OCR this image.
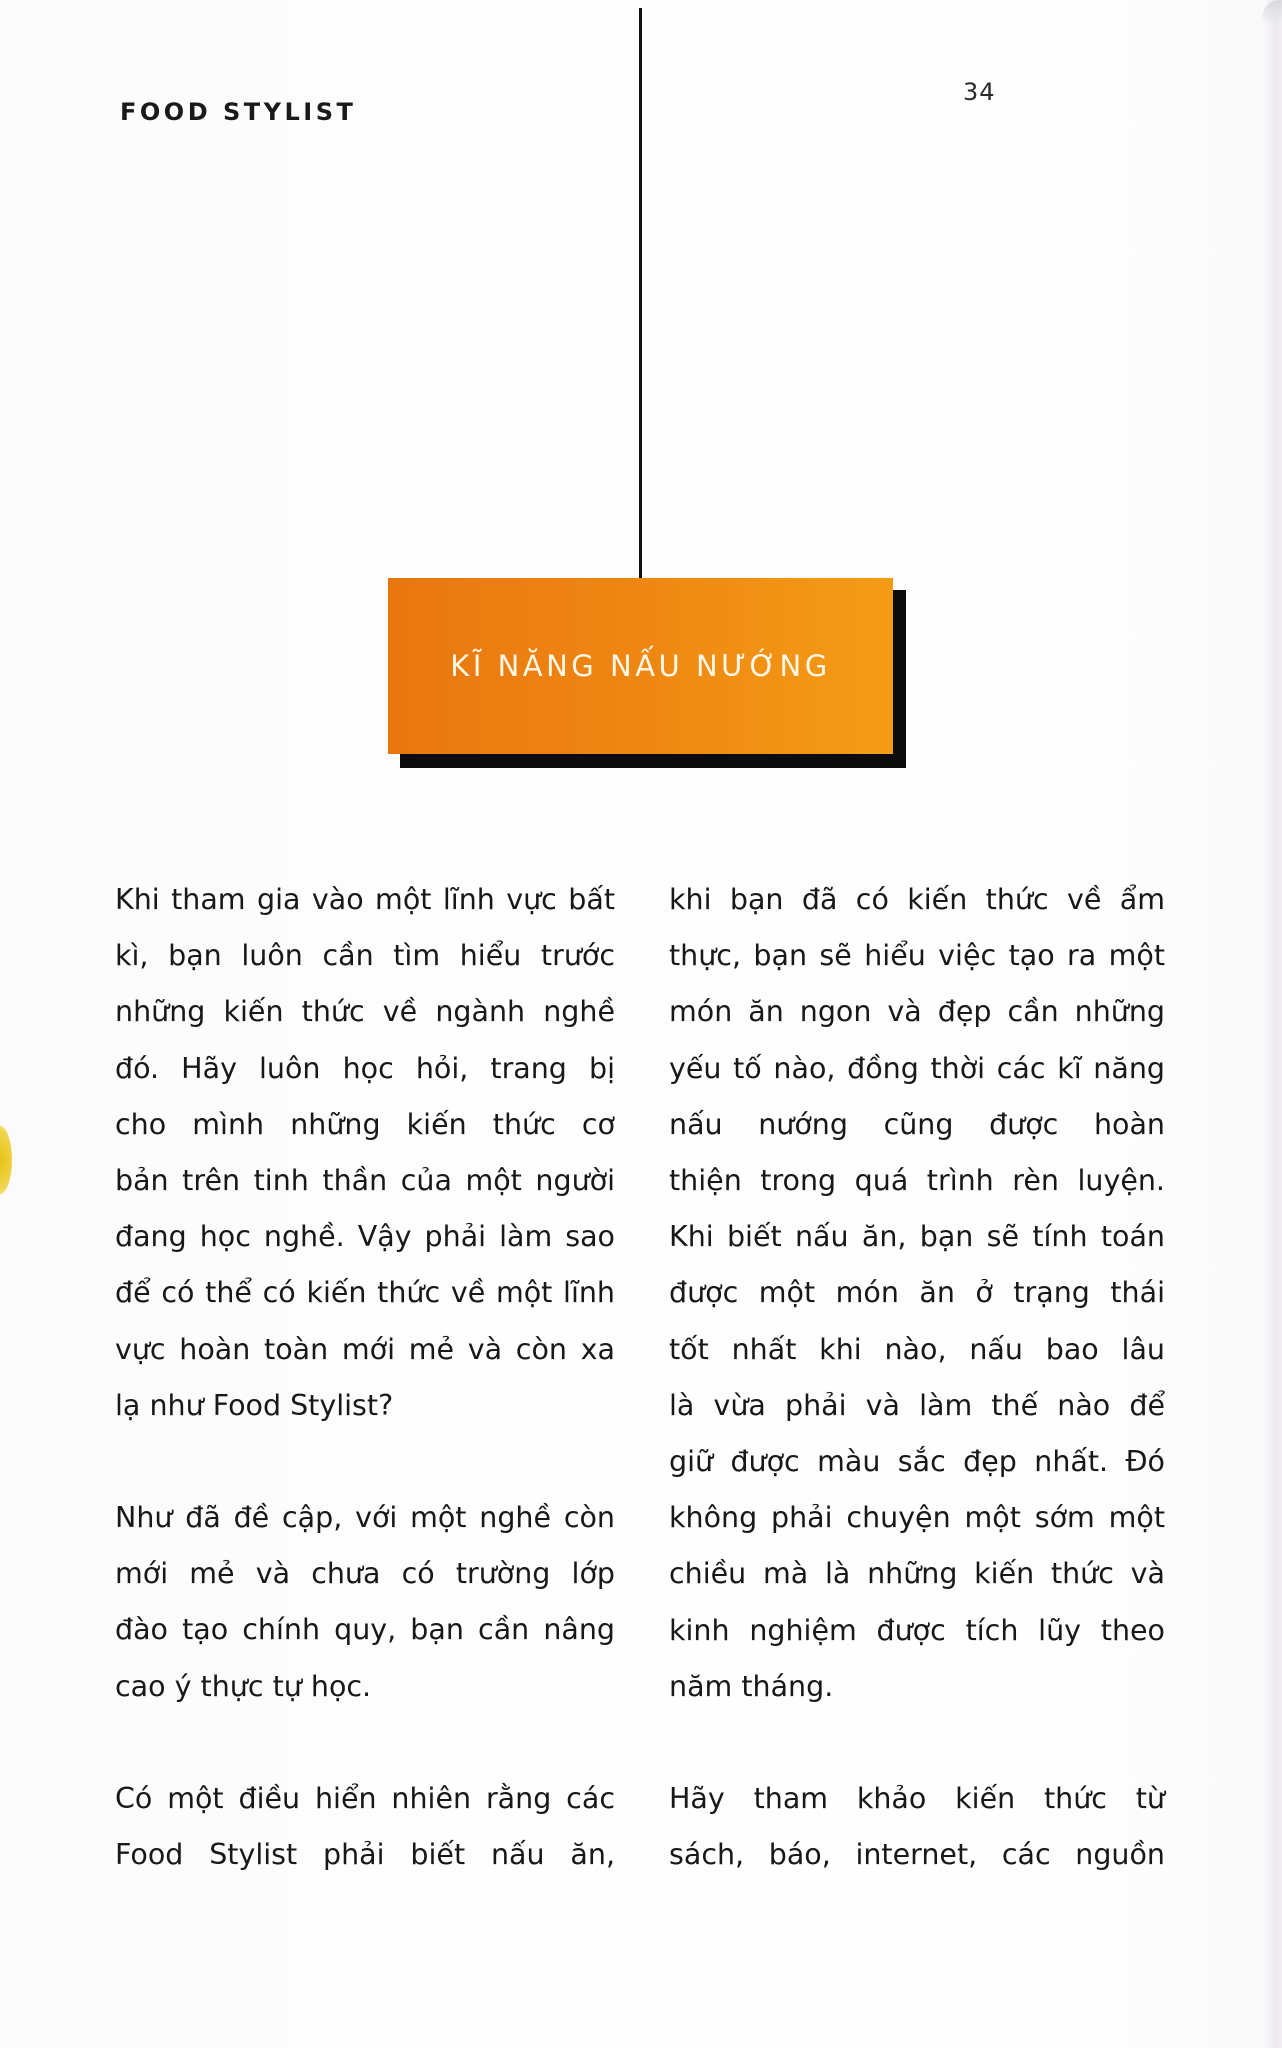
FOOD STYLIST
34
KĨ NĂNG NẤU NƯỚNG

Khi tham gia vào một lĩnh vực bất
kì, bạn luôn cần tìm hiểu trước
những kiến thức về ngành nghề
đó. Hãy luôn học hỏi, trang bị
cho mình những kiến thức cơ
bản trên tinh thần của một người
đang học nghề. Vậy phải làm sao
để có thể có kiến thức về một lĩnh
vực hoàn toàn mới mẻ và còn xa
lạ như Food Stylist?

Như đã đề cập, với một nghề còn
mới mẻ và chưa có trường lớp
đào tạo chính quy, bạn cần nâng
cao ý thực tự học.

Có một điều hiển nhiên rằng các
Food Stylist phải biết nấu ăn,

khi bạn đã có kiến thức về ẩm
thực, bạn sẽ hiểu việc tạo ra một
món ăn ngon và đẹp cần những
yếu tố nào, đồng thời các kĩ năng
nấu nướng cũng được hoàn
thiện trong quá trình rèn luyện.
Khi biết nấu ăn, bạn sẽ tính toán
được một món ăn ở trạng thái
tốt nhất khi nào, nấu bao lâu
là vừa phải và làm thế nào để
giữ được màu sắc đẹp nhất. Đó
không phải chuyện một sớm một
chiều mà là những kiến thức và
kinh nghiệm được tích lũy theo
năm tháng.

Hãy tham khảo kiến thức từ
sách, báo, internet, các nguồn
